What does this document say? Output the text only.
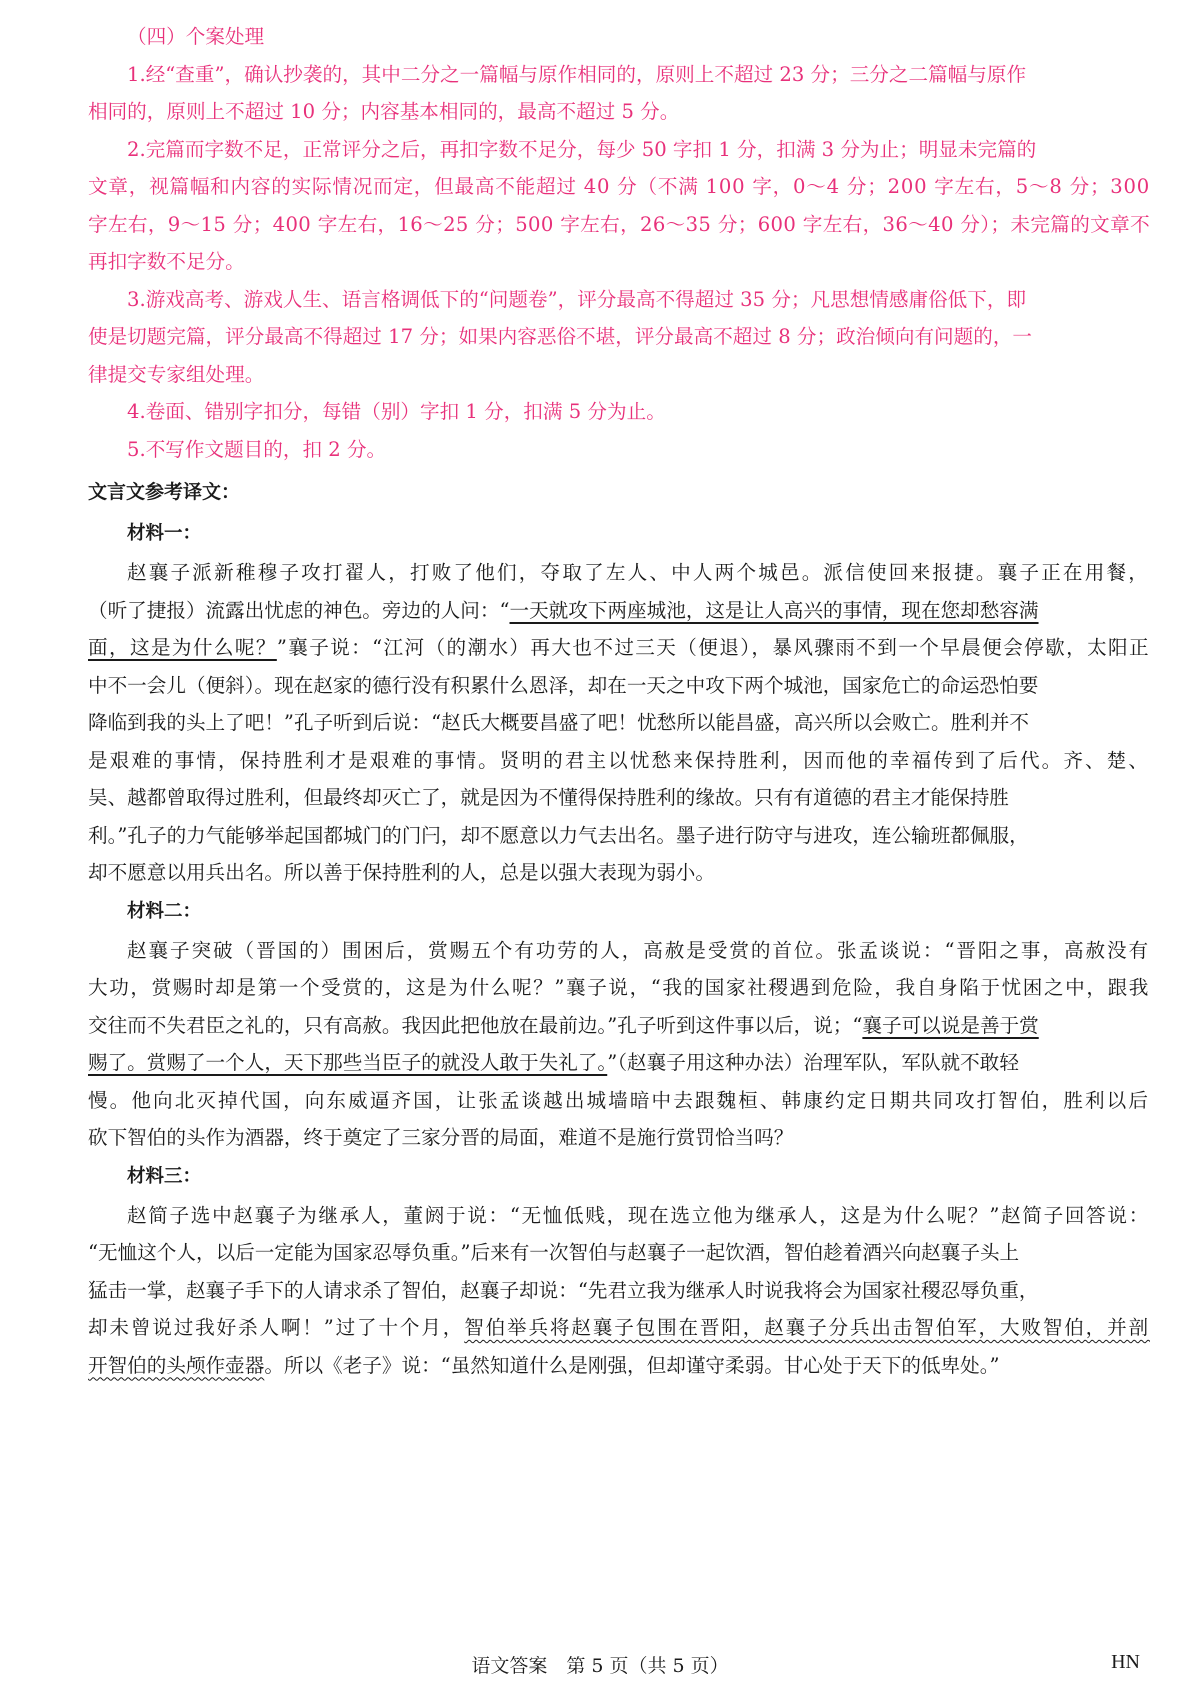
（四）个案处理
1.经“查重”，确认抄袭的，其中二分之一篇幅与原作相同的，原则上不超过 23 分；三分之二篇幅与原作
相同的，原则上不超过 10 分；内容基本相同的，最高不超过 5 分。
2.完篇而字数不足，正常评分之后，再扣字数不足分，每少 50 字扣 1 分，扣满 3 分为止；明显未完篇的
文章，视篇幅和内容的实际情况而定，但最高不能超过 40 分（不满 100 字，0～4 分；200 字左右，5～8 分；300
字左右，9～15 分；400 字左右，16～25 分；500 字左右，26～35 分；600 字左右，36～40 分）；未完篇的文章不
再扣字数不足分。
3.游戏高考、游戏人生、语言格调低下的“问题卷”，评分最高不得超过 35 分；凡思想情感庸俗低下，即
使是切题完篇，评分最高不得超过 17 分；如果内容恶俗不堪，评分最高不超过 8 分；政治倾向有问题的，一
律提交专家组处理。
4.卷面、错别字扣分，每错（别）字扣 1 分，扣满 5 分为止。
5.不写作文题目的，扣 2 分。
文言文参考译文：
材料一：
赵襄子派新稚穆子攻打翟人，打败了他们，夺取了左人、中人两个城邑。派信使回来报捷。襄子正在用餐，
（听了捷报）流露出忧虑的神色。旁边的人问：“一天就攻下两座城池，这是让人高兴的事情，现在您却愁容满
面，这是为什么呢？”襄子说：“江河（的潮水）再大也不过三天（便退），暴风骤雨不到一个早晨便会停歇，太阳正
中不一会儿（便斜）。现在赵家的德行没有积累什么恩泽，却在一天之中攻下两个城池，国家危亡的命运恐怕要
降临到我的头上了吧！”孔子听到后说：“赵氏大概要昌盛了吧！忧愁所以能昌盛，高兴所以会败亡。胜利并不
是艰难的事情，保持胜利才是艰难的事情。贤明的君主以忧愁来保持胜利，因而他的幸福传到了后代。齐、楚、
吴、越都曾取得过胜利，但最终却灭亡了，就是因为不懂得保持胜利的缘故。只有有道德的君主才能保持胜
利。”孔子的力气能够举起国都城门的门闩，却不愿意以力气去出名。墨子进行防守与进攻，连公输班都佩服，
却不愿意以用兵出名。所以善于保持胜利的人，总是以强大表现为弱小。
材料二：
赵襄子突破（晋国的）围困后，赏赐五个有功劳的人，高赦是受赏的首位。张孟谈说：“晋阳之事，高赦没有
大功，赏赐时却是第一个受赏的，这是为什么呢？”襄子说，“我的国家社稷遇到危险，我自身陷于忧困之中，跟我
交往而不失君臣之礼的，只有高赦。我因此把他放在最前边。”孔子听到这件事以后，说；“襄子可以说是善于赏
赐了。赏赐了一个人，天下那些当臣子的就没人敢于失礼了。”（赵襄子用这种办法）治理军队，军队就不敢轻
慢。他向北灭掉代国，向东威逼齐国，让张孟谈越出城墙暗中去跟魏桓、韩康约定日期共同攻打智伯，胜利以后
砍下智伯的头作为酒器，终于奠定了三家分晋的局面，难道不是施行赏罚恰当吗？
材料三：
赵简子选中赵襄子为继承人，董阏于说：“无恤低贱，现在选立他为继承人，这是为什么呢？”赵简子回答说：
“无恤这个人，以后一定能为国家忍辱负重。”后来有一次智伯与赵襄子一起饮酒，智伯趁着酒兴向赵襄子头上
猛击一掌，赵襄子手下的人请求杀了智伯，赵襄子却说：“先君立我为继承人时说我将会为国家社稷忍辱负重，
却未曾说过我好杀人啊！”过了十个月，智伯举兵将赵襄子包围在晋阳，赵襄子分兵出击智伯军，大败智伯，并剖
开智伯的头颅作壶器。所以《老子》说：“虽然知道什么是刚强，但却谨守柔弱。甘心处于天下的低卑处。”
语文答案　第 5 页（共 5 页）	HN
